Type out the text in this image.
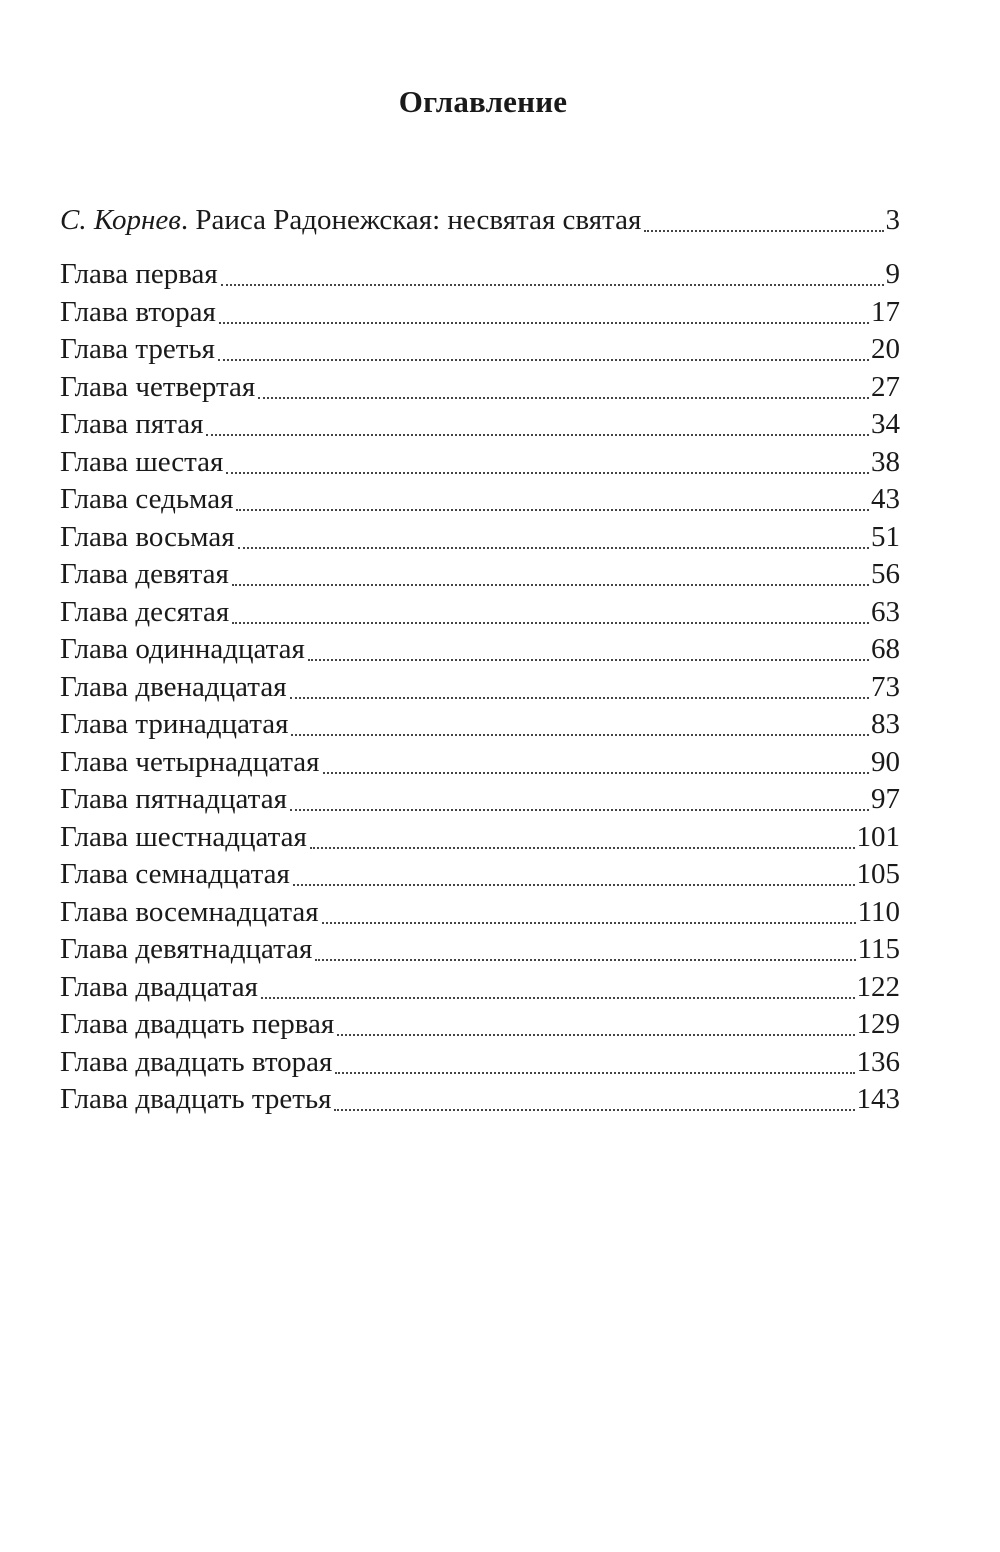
Оглавление
С. Корнев. Раиса Радонежская: несвятая святая	3
Глава первая	9
Глава вторая	17
Глава третья	20
Глава четвертая	27
Глава пятая	34
Глава шестая	38
Глава седьмая	43
Глава восьмая	51
Глава девятая	56
Глава десятая	63
Глава одиннадцатая	68
Глава двенадцатая	73
Глава тринадцатая	83
Глава четырнадцатая	90
Глава пятнадцатая	97
Глава шестнадцатая	101
Глава семнадцатая	105
Глава восемнадцатая	110
Глава девятнадцатая	115
Глава двадцатая	122
Глава двадцать первая	129
Глава двадцать вторая	136
Глава двадцать третья	143
